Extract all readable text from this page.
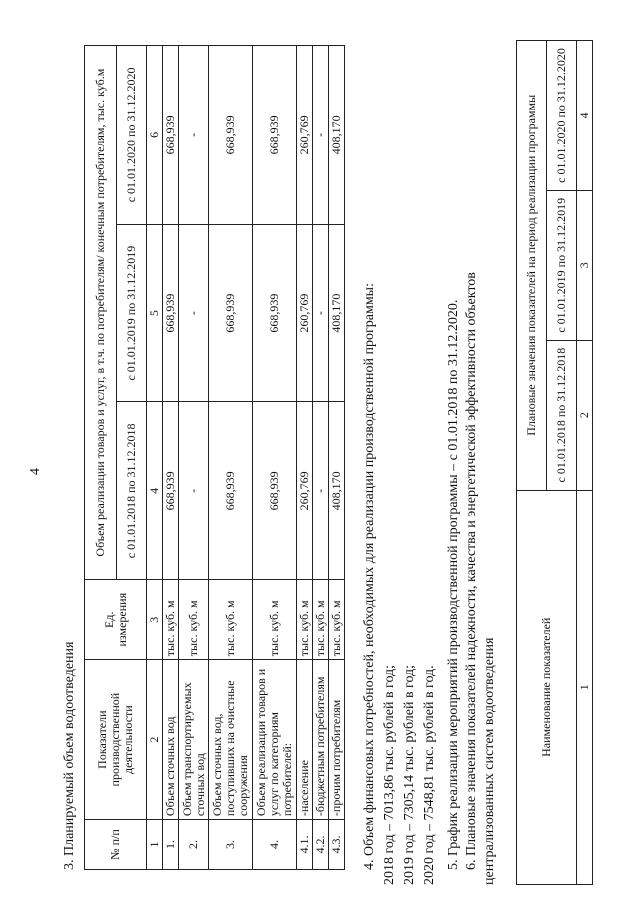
4
3. Планируемый объем водоотведения	№ п/п	Показатели производственной деятельности	Ед. измерения	Объем реализации товаров и услуг, в т.ч. по потребителям/ конечным потребителям, тыс. куб.м		
			с 01.01.2018 по 31.12.2018	с 01.01.2019 по 31.12.2019	с 01.01.2020 по 31.12.2020
1	2	3	4	5	6
1.	Объем сточных вод	тыс. куб. м	668,939	668,939	668,939
2.	Объем транспортируемых сточных вод	тыс. куб. м	-	-	-
3.	Объем сточных вод, поступивших на очистные сооружения	тыс. куб. м	668,939	668,939	668,939
4.	Объем реализации товаров и услуг по категориям потребителей:	тыс. куб. м	668,939	668,939	668,939
4.1.	-население	тыс. куб. м	260,769	260,769	260,769
4.2.	-бюджетным потребителям	тыс. куб. м	-	-	-
4.3.	-прочим потребителям	тыс. куб. м	408,170	408,170	408,170
4. Объем финансовых потребностей, необходимых для реализации производственной программы: 2018 год – 7013,86 тыс. рублей в год; 2019 год – 7305,14 тыс. рублей в год; 2020 год – 7548,81 тыс. рублей в год. 5. График реализации мероприятий производственной программы – с 01.01.2018 по 31.12.2020. 6. Плановые значения показателей надежности, качества и энергетической эффективности объектов централизованных систем водоотведения	Наименование показателей	Плановые значения показателей на период реализации программы		
	с 01.01.2018 по 31.12.2018	с 01.01.2019 по 31.12.2019	с 01.01.2020 по 31.12.2020
1	2	3	4
